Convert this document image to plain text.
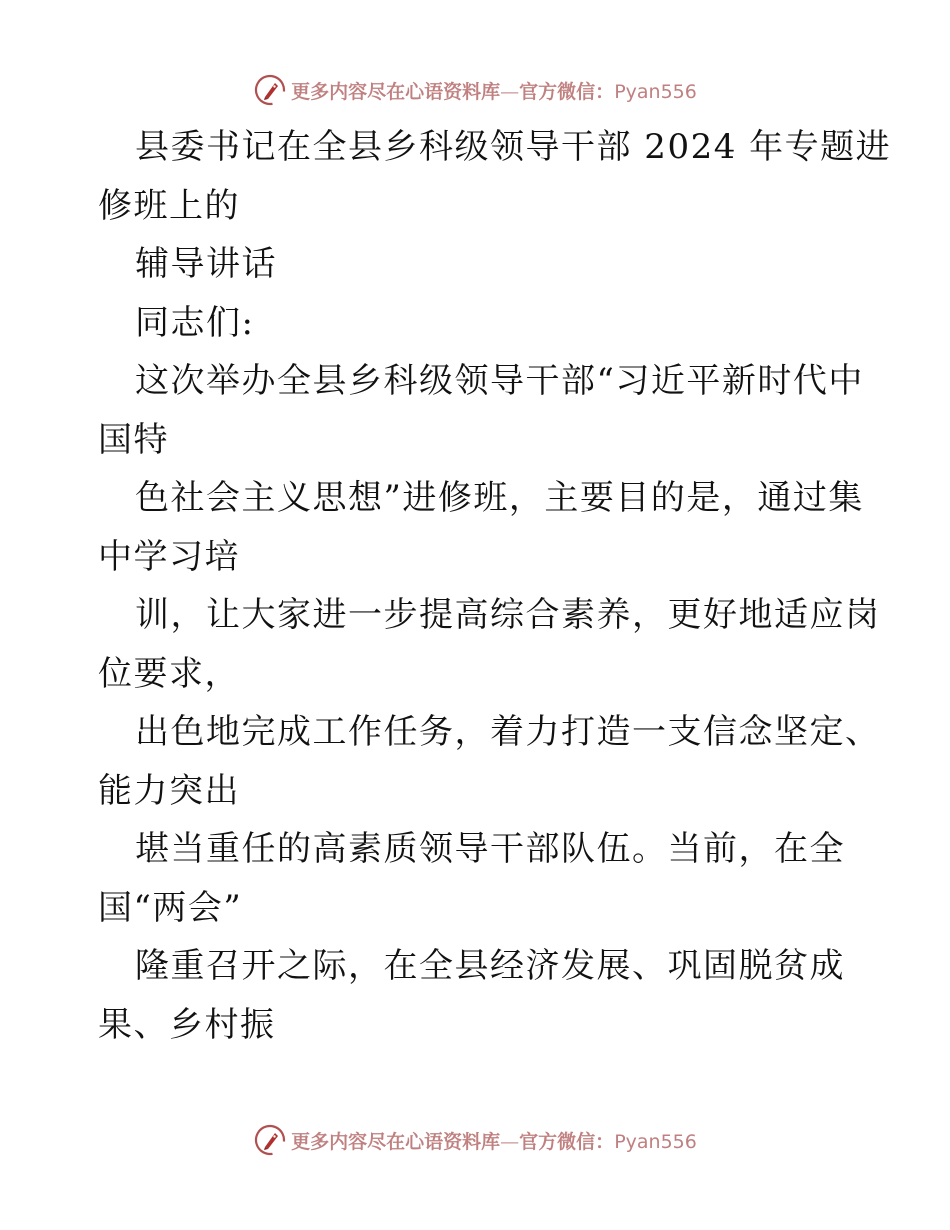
更多内容尽在心语资料库—官方微信：Pyan556
县委书记在全县乡科级领导干部 2024 年专题进
修班上的
辅导讲话
同志们:
这次举办全县乡科级领导干部“习近平新时代中
国特
色社会主义思想”进修班，主要目的是，通过集
中学习培
训，让大家进一步提高综合素养，更好地适应岗
位要求，
出色地完成工作任务，着力打造一支信念坚定、
能力突出
堪当重任的高素质领导干部队伍。当前，在全
国“两会”
隆重召开之际，在全县经济发展、巩固脱贫成
果、乡村振
更多内容尽在心语资料库—官方微信：Pyan556
